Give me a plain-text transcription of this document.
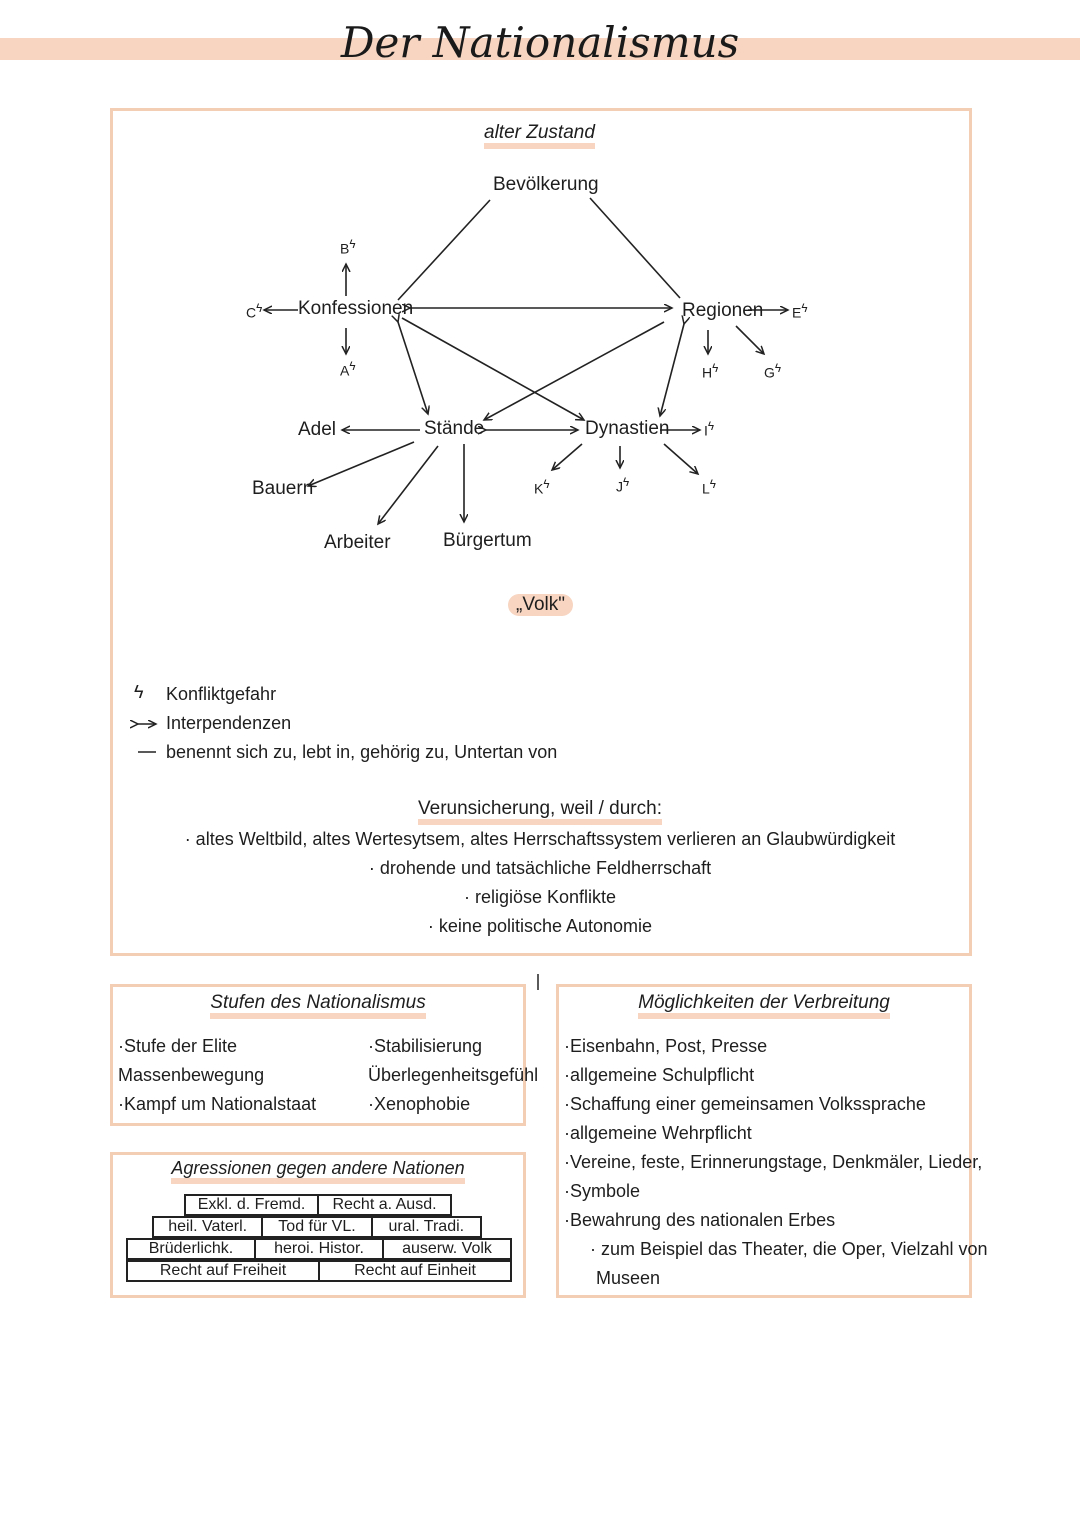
Der Nationalismus
alter Zustand
Bevölkerung
Konfessionen	Regionen
Stände	Dynastien
Adel
Bauern
Arbeiter	Bürgertum
„Volk"
$B^ϟ$
$A^ϟ$
$C^ϟ$	$E^ϟ$
$H^ϟ$	$G^ϟ$
$I^ϟ$
$J^ϟ$
$K^ϟ$	$L^ϟ$
ϟ Konfliktgefahr
Interpendenzen
benennt sich zu, lebt in, gehörig zu, Untertan von
Verunsicherung, weil / durch:
· altes Weltbild, altes Wertesytsem, altes Herrschaftssystem verlieren an Glaubwürdigkeit
· drohende und tatsächliche Feldherrschaft
· religiöse Konflikte
· keine politische Autonomie
Stufen des Nationalismus
·Stufe der Elite
Massenbewegung
·Kampf um Nationalstaat
·Stabilisierung
Überlegenheitsgefühl
·Xenophobie
Agressionen gegen andere Nationen
Exkl. d. Fremd.	Recht a. Ausd.
heil. Vaterl.	Tod für VL.	ural. Tradi.
Brüderlichk.	heroi. Histor.	auserw. Volk
Recht auf Freiheit	Recht auf Einheit
Möglichkeiten der Verbreitung
·Eisenbahn, Post, Presse
·allgemeine Schulpflicht
·Schaffung einer gemeinsamen Volkssprache
·allgemeine Wehrpflicht
·Vereine, feste, Erinnerungstage, Denkmäler, Lieder,
·Symbole
·Bewahrung des nationalen Erbes
· zum Beispiel das Theater, die Oper, Vielzahl von
Museen
